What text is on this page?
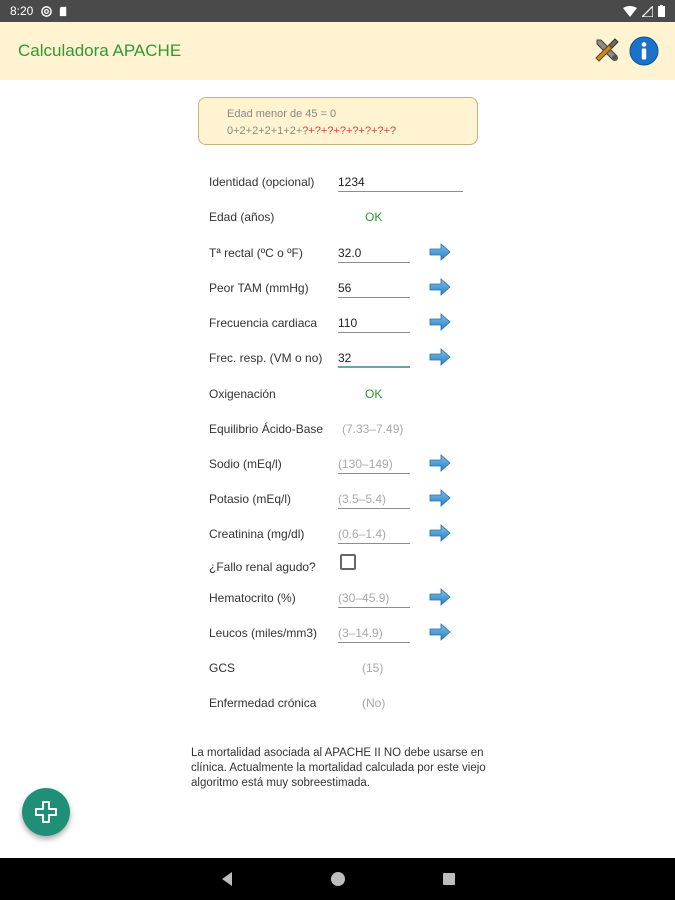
8:20
Calculadora APACHE
Edad menor de 45 = 0
0+2+2+2+1+2+?+?+?+?+?+?+?+?
Identidad (opcional) 1234
Edad (años)	OK
Tª rectal (ºC o ºF)	32.0
Peor TAM (mmHg) 56
Frecuencia cardiaca 110
Frec. resp. (VM o no) 32
Oxigenación	OK
Equilibrio Ácido-Base (7.33–7.49)
Sodio (mEq/l)	(130–149)
Potasio (mEq/l)	(3.5–5.4)
Creatinina (mg/dl)	(0.6–1.4)
¿Fallo renal agudo?
Hematocrito (%)	(30–45.9)
Leucos (miles/mm3) (3–14.9)
GCS	(15)
Enfermedad crónica	(No)
La mortalidad asociada al APACHE II NO debe usarse en clínica. Actualmente la mortalidad calculada por este viejo algoritmo está muy sobreestimada.
